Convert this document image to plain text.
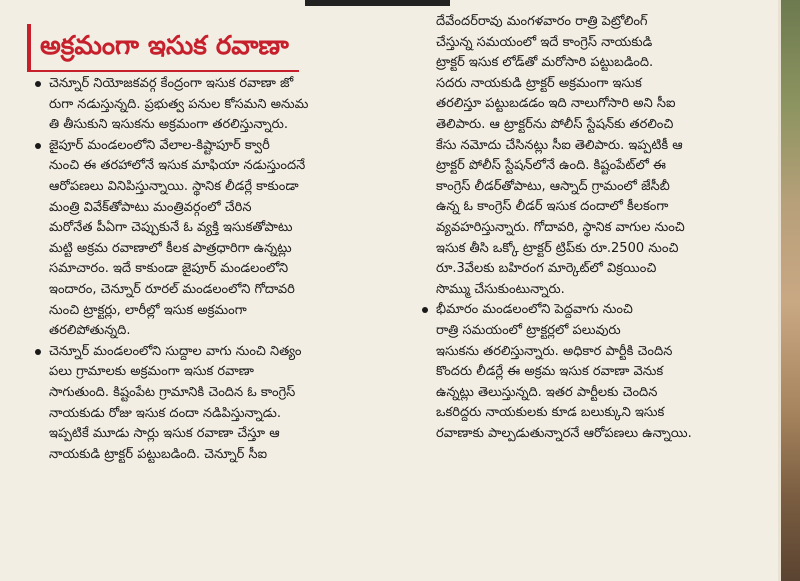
అక్రమంగా ఇసుక రవాణా
చెన్నూర్ నియోజకవర్గ కేంద్రంగా ఇసుక రవాణా జో
రుగా నడుస్తున్నది. ప్రభుత్వ పనుల కోసమని అనుమ
తి తీసుకుని ఇసుకను అక్రమంగా తరలిస్తున్నారు.
జైపూర్ మండలంలోని వేలాల-కిష్టాపూర్ క్వారీ
నుంచి ఈ తరహాలోనే ఇసుక మాఫియా నడుస్తుందనే
ఆరోపణలు వినిపిస్తున్నాయి. స్థానిక లీడర్లే కాకుండా
మంత్రి వివేక్‌తోపాటు మంత్రివర్గంలో చేరిన
మరోనేత పీఏగా చెప్పుకునే ఓ వ్యక్తి ఇసుకతోపాటు
మట్టి అక్రమ రవాణాలో కీలక పాత్రధారిగా ఉన్నట్లు
సమాచారం. ఇదే కాకుండా జైపూర్ మండలంలోని
ఇందారం, చెన్నూర్ రూరల్ మండలంలోని గోదావరి
నుంచి ట్రాక్టర్లు, లారీల్లో ఇసుక అక్రమంగా
తరలిపోతున్నది.
చెన్నూర్ మండలంలోని సుద్దాల వాగు నుంచి నిత్యం
పలు గ్రామాలకు అక్రమంగా ఇసుక రవాణా
సాగుతుంది. కిష్టంపేట గ్రామానికి చెందిన ఓ కాంగ్రెస్
నాయకుడు రోజు ఇసుక దందా నడిపిస్తున్నాడు.
ఇప్పటికే మూడు సార్లు ఇసుక రవాణా చేస్తూ ఆ
నాయకుడి ట్రాక్టర్ పట్టుబడింది. చెన్నూర్ సీఐ
దేవేందర్‌రావు మంగళవారం రాత్రి పెట్రోలింగ్
చేస్తున్న సమయంలో ఇదే కాంగ్రెస్ నాయకుడి
ట్రాక్టర్ ఇసుక లోడ్‌తో మరోసారి పట్టుబడింది.
సదరు నాయకుడి ట్రాక్టర్ అక్రమంగా ఇసుక
తరలిస్తూ పట్టుబడడం ఇది నాలుగోసారి అని సీఐ
తెలిపారు. ఆ ట్రాక్టర్‌ను పోలీస్ స్టేషన్‌కు తరలించి
కేసు నమోదు చేసినట్లు సీఐ తెలిపారు. ఇప్పటికీ ఆ
ట్రాక్టర్ పోలీస్ స్టేషన్‌లోనే ఉంది. కిష్టంపేట్‌లో ఈ
కాంగ్రెస్ లీడర్‌తోపాటు, ఆస్నాద్ గ్రామంలో జేసీబీ
ఉన్న ఓ కాంగ్రెస్ లీడర్ ఇసుక దందాలో కీలకంగా
వ్యవహరిస్తున్నారు. గోదావరి, స్థానిక వాగుల నుంచి
ఇసుక తీసి ఒక్కో ట్రాక్టర్ ట్రిప్‌కు రూ.2500 నుంచి
రూ.3వేలకు బహిరంగ మార్కెట్‌లో విక్రయించి
సొమ్ము చేసుకుంటున్నారు.
భీమారం మండలంలోని పెద్దవాగు నుంచి
రాత్రి సమయంలో ట్రాక్టర్లలో పలువురు
ఇసుకను తరలిస్తున్నారు. అధికార పార్టీకి చెందిన
కొందరు లీడర్లే ఈ అక్రమ ఇసుక రవాణా వెనుక
ఉన్నట్లు తెలుస్తున్నది. ఇతర పార్టీలకు చెందిన
ఒకరిద్దరు నాయకులకు కూడ బలుక్కుని ఇసుక
రవాణాకు పాల్పడుతున్నారనే ఆరోపణలు ఉన్నాయి.
